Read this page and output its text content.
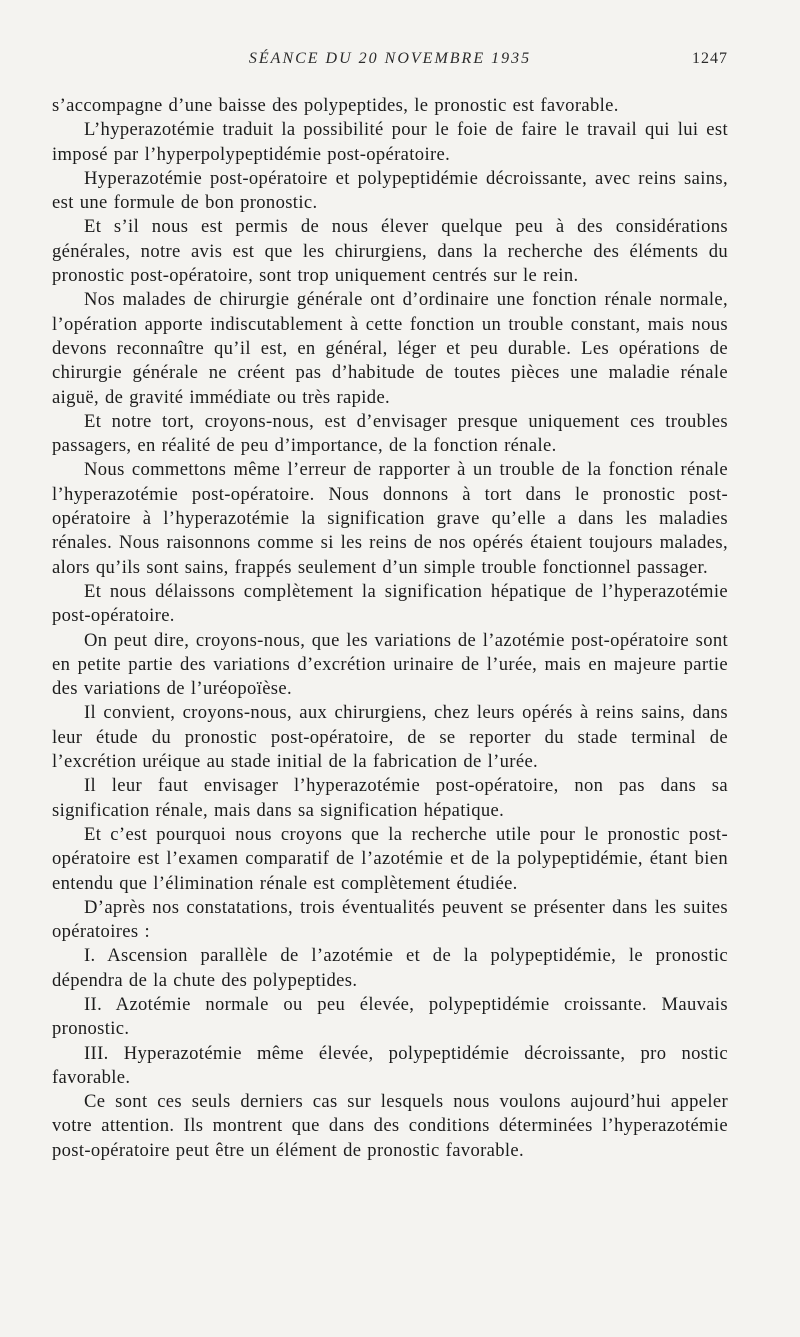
SÉANCE DU 20 NOVEMBRE 1935	1247

s’accompagne d’une baisse des polypeptides, le pronostic est favorable.

L’hyperazotémie traduit la possibilité pour le foie de faire le travail qui lui est imposé par l’hyperpolypeptidémie post-opératoire.

Hyperazotémie post-opératoire et polypeptidémie décroissante, avec reins sains, est une formule de bon pronostic.

Et s’il nous est permis de nous élever quelque peu à des considérations générales, notre avis est que les chirurgiens, dans la recherche des éléments du pronostic post-opératoire, sont trop uniquement centrés sur le rein.

Nos malades de chirurgie générale ont d’ordinaire une fonction rénale normale, l’opération apporte indiscutablement à cette fonction un trouble constant, mais nous devons reconnaître qu’il est, en général, léger et peu durable. Les opérations de chirurgie générale ne créent pas d’habitude de toutes pièces une maladie rénale aiguë, de gravité immédiate ou très rapide.

Et notre tort, croyons-nous, est d’envisager presque uniquement ces troubles passagers, en réalité de peu d’importance, de la fonction rénale.

Nous commettons même l’erreur de rapporter à un trouble de la fonction rénale l’hyperazotémie post-opératoire. Nous donnons à tort dans le pronostic post-opératoire à l’hyperazotémie la signification grave qu’elle a dans les maladies rénales. Nous raisonnons comme si les reins de nos opérés étaient toujours malades, alors qu’ils sont sains, frappés seulement d’un simple trouble fonctionnel passager.

Et nous délaissons complètement la signification hépatique de l’hyperazotémie post-opératoire.

On peut dire, croyons-nous, que les variations de l’azotémie post-opératoire sont en petite partie des variations d’excrétion urinaire de l’urée, mais en majeure partie des variations de l’uréopoïèse.

Il convient, croyons-nous, aux chirurgiens, chez leurs opérés à reins sains, dans leur étude du pronostic post-opératoire, de se reporter du stade terminal de l’excrétion uréique au stade initial de la fabrication de l’urée.

Il leur faut envisager l’hyperazotémie post-opératoire, non pas dans sa signification rénale, mais dans sa signification hépatique.

Et c’est pourquoi nous croyons que la recherche utile pour le pronostic post-opératoire est l’examen comparatif de l’azotémie et de la polypeptidémie, étant bien entendu que l’élimination rénale est complètement étudiée.

D’après nos constatations, trois éventualités peuvent se présenter dans les suites opératoires :

I. Ascension parallèle de l’azotémie et de la polypeptidémie, le pronostic dépendra de la chute des polypeptides.

II. Azotémie normale ou peu élevée, polypeptidémie croissante. Mauvais pronostic.

III. Hyperazotémie même élevée, polypeptidémie décroissante, pro nostic favorable.

Ce sont ces seuls derniers cas sur lesquels nous voulons aujourd’hui appeler votre attention. Ils montrent que dans des conditions déterminées l’hyperazotémie post-opératoire peut être un élément de pronostic favorable.
